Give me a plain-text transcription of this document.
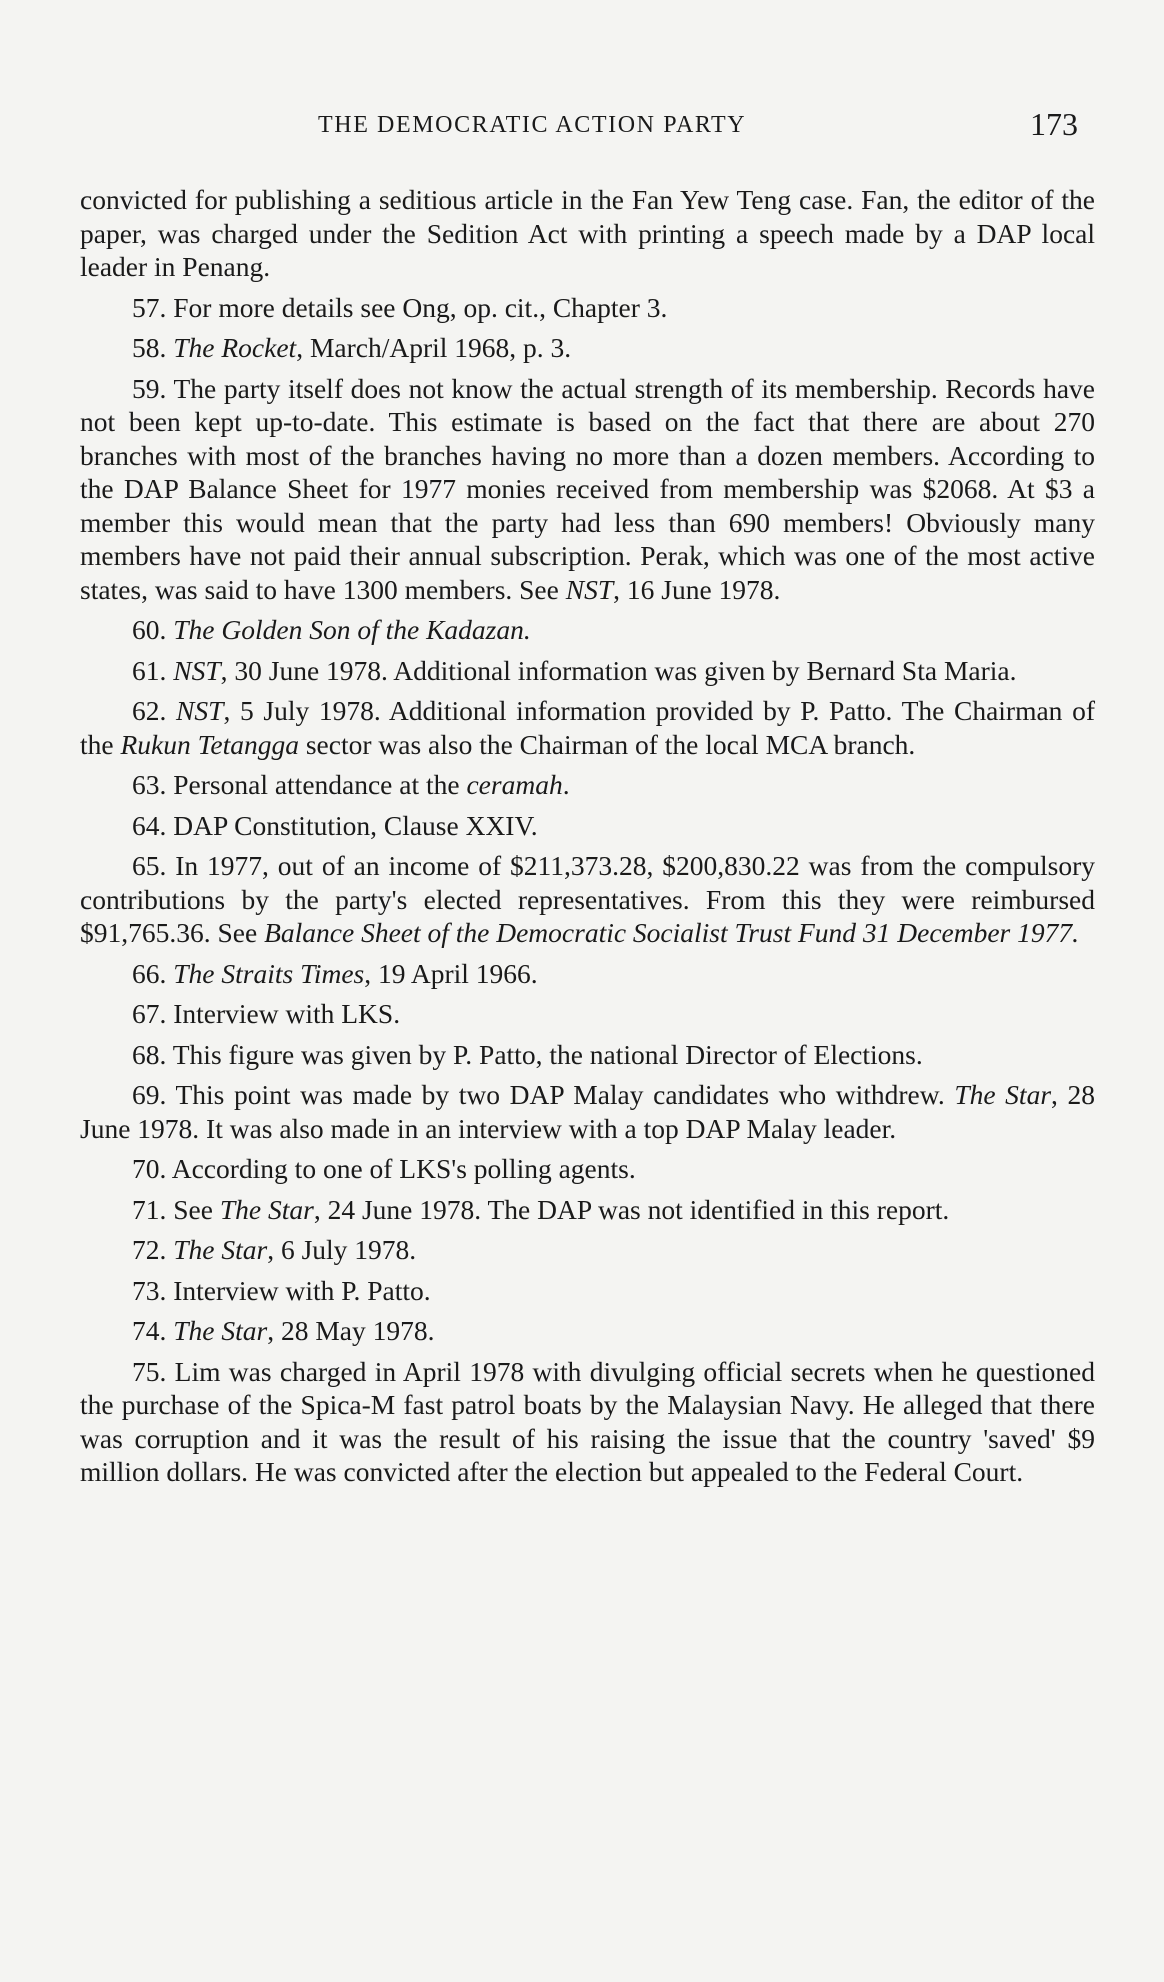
THE DEMOCRATIC ACTION PARTY	173

convicted for publishing a seditious article in the Fan Yew Teng case. Fan, the editor of the paper, was charged under the Sedition Act with printing a speech made by a DAP local leader in Penang.

57. For more details see Ong, op. cit., Chapter 3.

58. The Rocket, March/April 1968, p. 3.

59. The party itself does not know the actual strength of its membership. Records have not been kept up-to-date. This estimate is based on the fact that there are about 270 branches with most of the branches having no more than a dozen members. According to the DAP Balance Sheet for 1977 monies received from membership was $2068. At $3 a member this would mean that the party had less than 690 members! Obviously many members have not paid their annual subscription. Perak, which was one of the most active states, was said to have 1300 members. See NST, 16 June 1978.

60. The Golden Son of the Kadazan.

61. NST, 30 June 1978. Additional information was given by Bernard Sta Maria.

62. NST, 5 July 1978. Additional information provided by P. Patto. The Chairman of the Rukun Tetangga sector was also the Chairman of the local MCA branch.

63. Personal attendance at the ceramah.

64. DAP Constitution, Clause XXIV.

65. In 1977, out of an income of $211,373.28, $200,830.22 was from the compulsory contributions by the party's elected representatives. From this they were reimbursed $91,765.36. See Balance Sheet of the Democratic Socialist Trust Fund 31 December 1977.

66. The Straits Times, 19 April 1966.

67. Interview with LKS.

68. This figure was given by P. Patto, the national Director of Elections.

69. This point was made by two DAP Malay candidates who withdrew. The Star, 28 June 1978. It was also made in an interview with a top DAP Malay leader.

70. According to one of LKS's polling agents.

71. See The Star, 24 June 1978. The DAP was not identified in this report.

72. The Star, 6 July 1978.

73. Interview with P. Patto.

74. The Star, 28 May 1978.

75. Lim was charged in April 1978 with divulging official secrets when he questioned the purchase of the Spica-M fast patrol boats by the Malaysian Navy. He alleged that there was corruption and it was the result of his raising the issue that the country 'saved' $9 million dollars. He was convicted after the election but appealed to the Federal Court.
